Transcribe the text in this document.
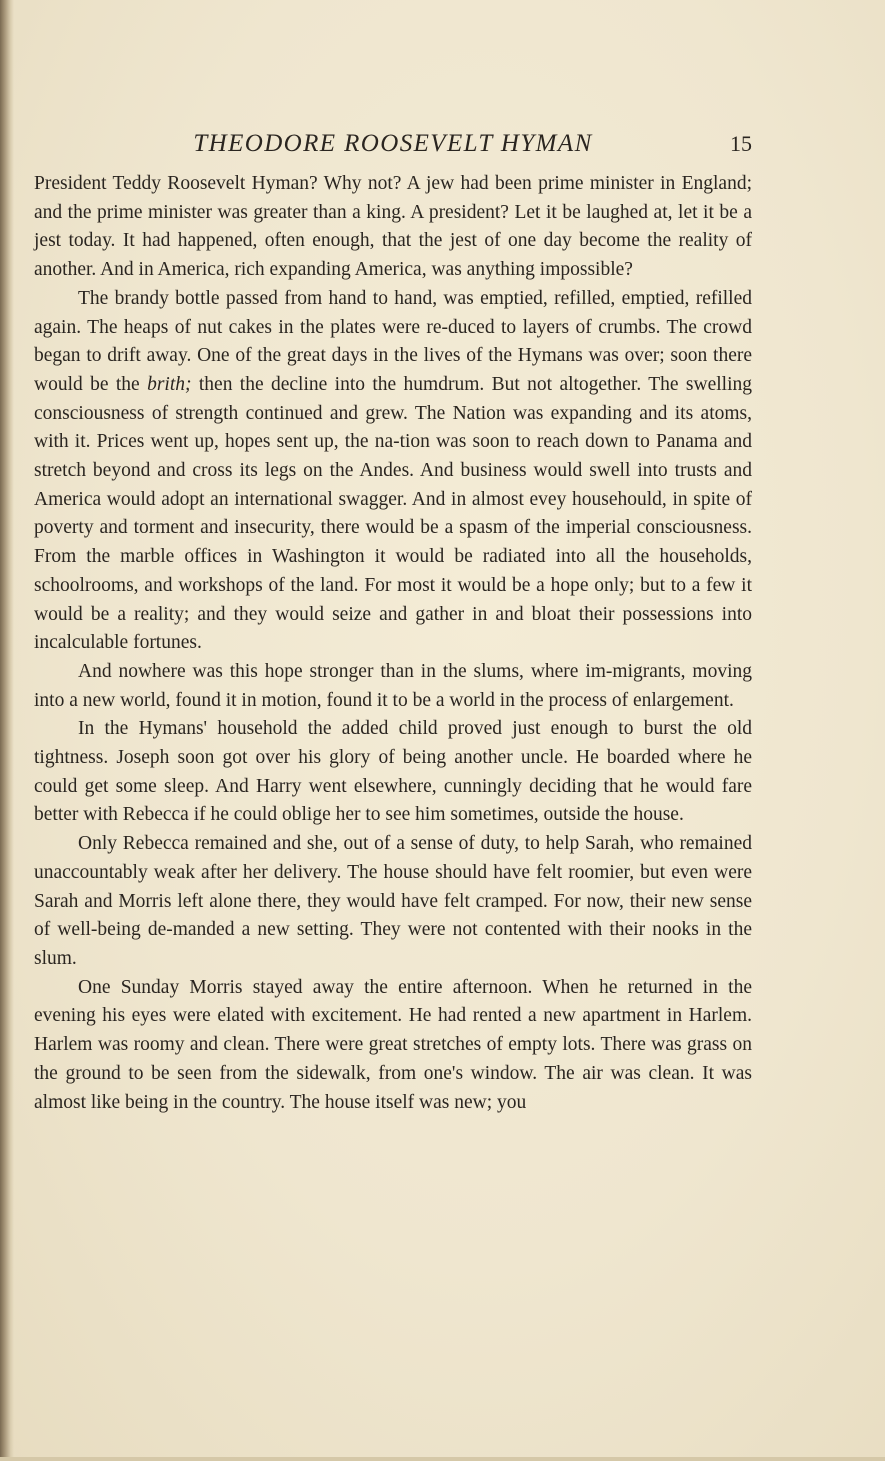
THEODORE ROOSEVELT HYMAN	15

President Teddy Roosevelt Hyman? Why not? A jew had been prime minister in England; and the prime minister was greater than a king. A president? Let it be laughed at, let it be a jest today. It had happened, often enough, that the jest of one day become the reality of another. And in America, rich expanding America, was anything impossible?

The brandy bottle passed from hand to hand, was emptied, refilled, emptied, refilled again. The heaps of nut cakes in the plates were re-duced to layers of crumbs. The crowd began to drift away. One of the great days in the lives of the Hymans was over; soon there would be the brith; then the decline into the humdrum. But not altogether. The swelling consciousness of strength continued and grew. The Nation was expanding and its atoms, with it. Prices went up, hopes sent up, the na-tion was soon to reach down to Panama and stretch beyond and cross its legs on the Andes. And business would swell into trusts and America would adopt an international swagger. And in almost evey househould, in spite of poverty and torment and insecurity, there would be a spasm of the imperial consciousness. From the marble offices in Washington it would be radiated into all the households, schoolrooms, and workshops of the land. For most it would be a hope only; but to a few it would be a reality; and they would seize and gather in and bloat their possessions into incalculable fortunes.

And nowhere was this hope stronger than in the slums, where im-migrants, moving into a new world, found it in motion, found it to be a world in the process of enlargement.

In the Hymans' household the added child proved just enough to burst the old tightness. Joseph soon got over his glory of being another uncle. He boarded where he could get some sleep. And Harry went elsewhere, cunningly deciding that he would fare better with Rebecca if he could oblige her to see him sometimes, outside the house.

Only Rebecca remained and she, out of a sense of duty, to help Sarah, who remained unaccountably weak after her delivery. The house should have felt roomier, but even were Sarah and Morris left alone there, they would have felt cramped. For now, their new sense of well-being de-manded a new setting. They were not contented with their nooks in the slum.

One Sunday Morris stayed away the entire afternoon. When he returned in the evening his eyes were elated with excitement. He had rented a new apartment in Harlem. Harlem was roomy and clean. There were great stretches of empty lots. There was grass on the ground to be seen from the sidewalk, from one's window. The air was clean. It was almost like being in the country. The house itself was new; you
